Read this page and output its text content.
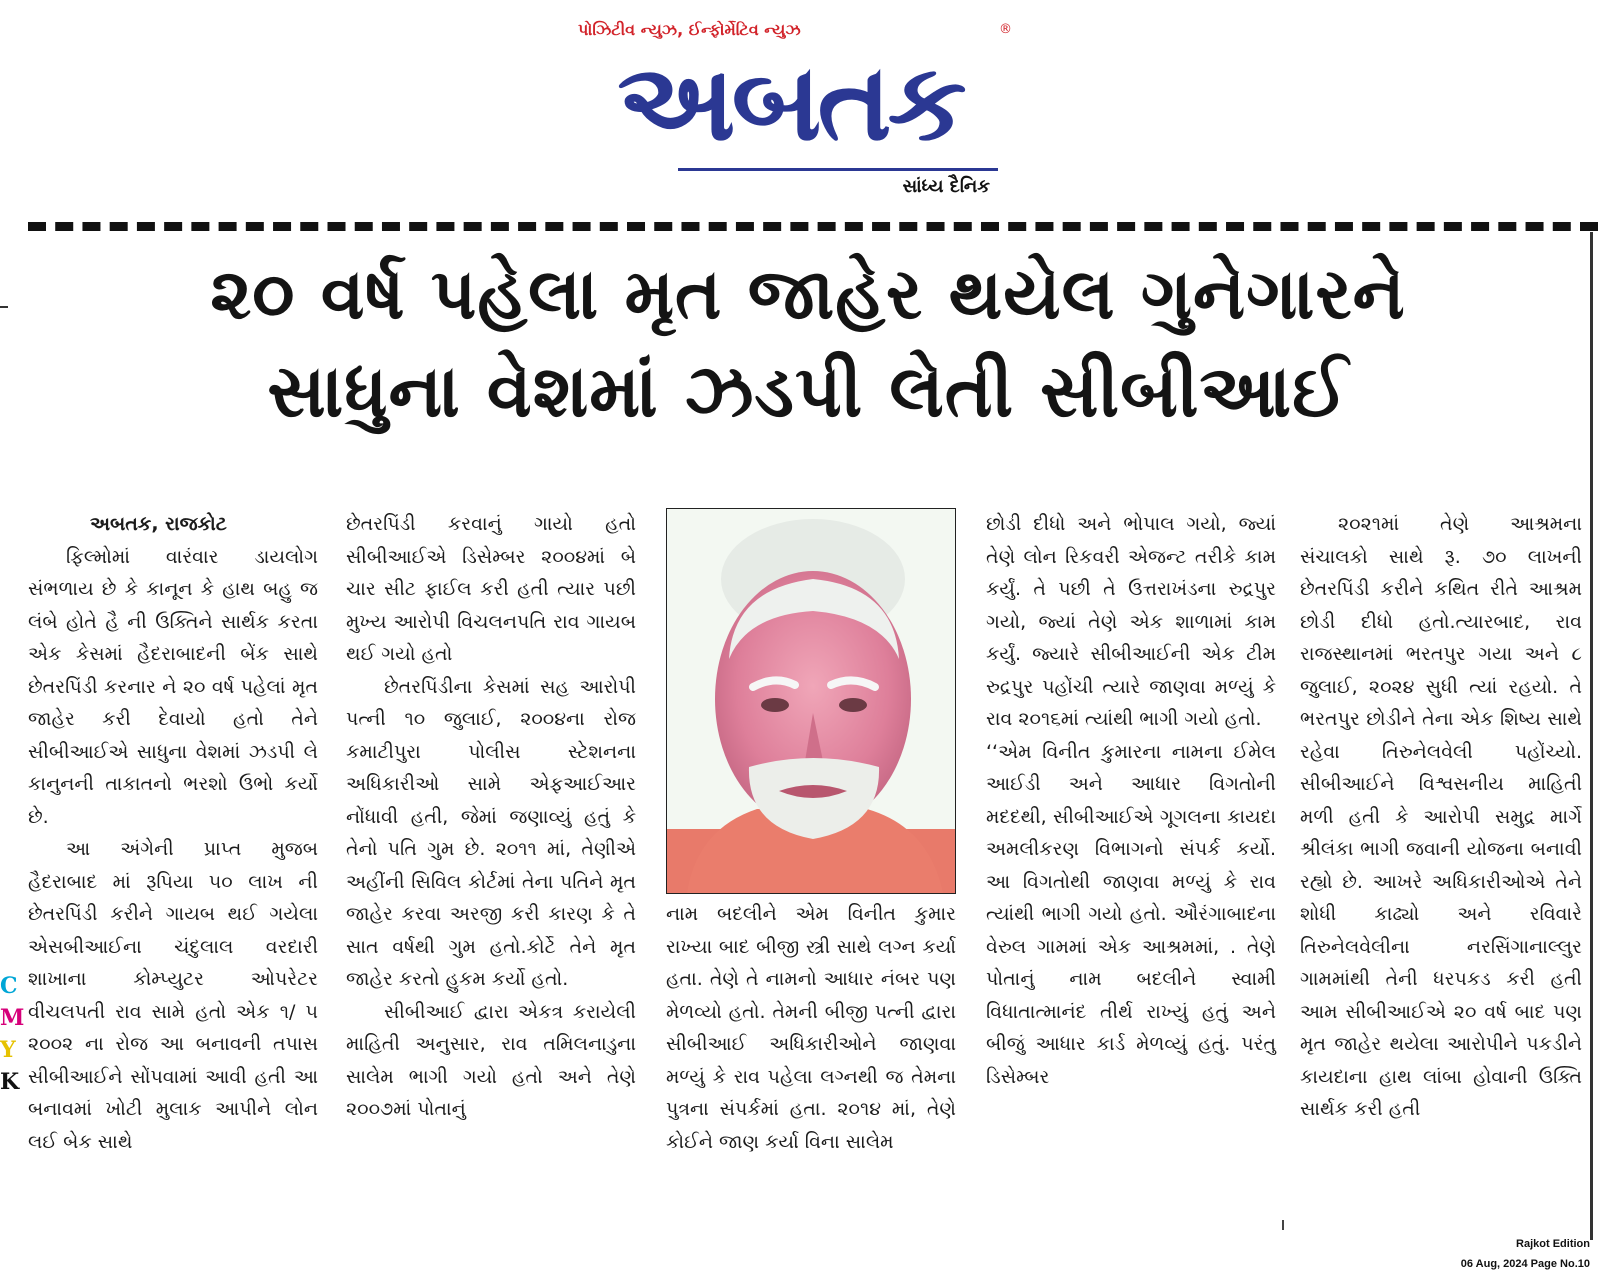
પોઝિટીવ ન્યુઝ, ઈન્ફોર્મેટિવ ન્યુઝ	®
અબતક
સાંધ્ય દૈનિક
૨૦ વર્ષ પહેલા મૃત જાહેર થયેલ ગુનેગારને
સાધુના વેશમાં ઝડપી લેતી સીબીઆઈ

અબતક, રાજકોટ

ફિલ્મોમાં વારંવાર ડાયલોગ સંભળાય છે કે કાનૂન કે હાથ બહુ જ લંબે હોતે હૈ ની ઉક્તિને સાર્થક કરતા એક કેસમાં હૈદરાબાદની બેંક સાથે છેતરપિંડી કરનાર ને ૨૦ વર્ષ પહેલાં મૃત જાહેર કરી દેવાયો હતો તેને સીબીઆઈએ સાધુના વેશમાં ઝડપી લે કાનુનની તાકાતનો ભરશો ઉભો કર્યો છે.

આ અંગેની પ્રાપ્ત મુજબ હૈદરાબાદ માં રૂપિયા ૫૦ લાખ ની છેતરપિંડી કરીને ગાયબ થઈ ગયેલા એસબીઆઈના ચંદુલાલ વરદારી શાખાના કોમ્પ્યુટર ઓપરેટર વીચલપતી રાવ સામે હતો એક ૧/ ૫ ૨૦૦૨ ના રોજ આ બનાવની તપાસ સીબીઆઈને સોંપવામાં આવી હતી આ બનાવમાં ખોટી મુલાક આપીને લોન લઈ બેક સાથે

છેતરપિંડી કરવાનું ગાયો હતો સીબીઆઈએ ડિસેમ્બર ૨૦૦૪માં બે ચાર સીટ ફાઈલ કરી હતી ત્યાર પછી મુખ્ય આરોપી વિચલનપતિ રાવ ગાયબ થઈ ગયો હતો

છેતરપિંડીના કેસમાં સહ આરોપી પત્ની ૧૦ જુલાઈ, ૨૦૦૪ના રોજ કમાટીપુરા પોલીસ સ્ટેશનના અધિકારીઓ સામે એફઆઈઆર નોંધાવી હતી, જેમાં જણાવ્યું હતું કે તેનો પતિ ગુમ છે. ૨૦૧૧ માં, તેણીએ અહીંની સિવિલ કોર્ટમાં તેના પતિને મૃત જાહેર કરવા અરજી કરી કારણ કે તે સાત વર્ષથી ગુમ હતો.કોર્ટે તેને મૃત જાહેર કરતો હુકમ કર્યો હતો.

સીબીઆઈ દ્વારા એકત્ર કરાયેલી માહિતી અનુસાર, રાવ તમિલનાડુના સાલેમ ભાગી ગયો હતો અને તેણે ૨૦૦૭માં પોતાનું

નામ બદલીને એમ વિનીત કુમાર રાખ્યા બાદ બીજી સ્ત્રી સાથે લગ્ન કર્યા હતા. તેણે તે નામનો આધાર નંબર પણ મેળવ્યો હતો. તેમની બીજી પત્ની દ્વારા સીબીઆઈ અધિકારીઓને જાણવા મળ્યું કે રાવ પહેલા લગ્નથી જ તેમના પુત્રના સંપર્કમાં હતા. ૨૦૧૪ માં, તેણે કોઈને જાણ કર્યા વિના સાલેમ

છોડી દીધો અને ભોપાલ ગયો, જ્યાં તેણે લોન રિકવરી એજન્ટ તરીકે કામ કર્યું. તે પછી તે ઉત્તરાખંડના રુદ્રપુર ગયો, જ્યાં તેણે એક શાળામાં કામ કર્યું. જ્યારે સીબીઆઈની એક ટીમ રુદ્રપુર પહોંચી ત્યારે જાણવા મળ્યું કે રાવ ૨૦૧૬માં ત્યાંથી ભાગી ગયો હતો.

‘‘એમ વિનીત કુમારના નામના ઈમેલ આઈડી અને આધાર વિગતોની મદદથી, સીબીઆઈએ ગૂગલના કાયદા અમલીકરણ વિભાગનો સંપર્ક કર્યો. આ વિગતોથી જાણવા મળ્યું કે રાવ ત્યાંથી ભાગી ગયો હતો. ઔરંગાબાદના વેરુલ ગામમાં એક આશ્રમમાં, . તેણે પોતાનું નામ બદલીને સ્વામી વિધાતાત્માનંદ તીર્થ રાખ્યું હતું અને બીજું આધાર કાર્ડ મેળવ્યું હતું. પરંતુ ડિસેમ્બર

૨૦૨૧માં તેણે આશ્રમના સંચાલકો સાથે રૂ. ૭૦ લાખની છેતરપિંડી કરીને કથિત રીતે આશ્રમ છોડી દીધો હતો.ત્યારબાદ, રાવ રાજસ્થાનમાં ભરતપુર ગયા અને ૮ જુલાઈ, ૨૦૨૪ સુધી ત્યાં રહયો. તે ભરતપુર છોડીને તેના એક શિષ્ય સાથે રહેવા તિરુનેલવેલી પહોંચ્યો. સીબીઆઈને વિશ્વસનીય માહિતી મળી હતી કે આરોપી સમુદ્ર માર્ગે શ્રીલંકા ભાગી જવાની યોજના બનાવી રહ્યો છે. આખરે અધિકારીઓએ તેને શોધી કાઢ્યો અને રવિવારે તિરુનેલવેલીના નરસિંગાનાલ્લુર ગામમાંથી તેની ધરપકડ કરી હતી આમ સીબીઆઈએ ૨૦ વર્ષ બાદ પણ મૃત જાહેર થયેલા આરોપીને પકડીને કાયદાના હાથ લાંબા હોવાની ઉક્તિ સાર્થક કરી હતી

C
M
Y
K
Rajkot Edition
06 Aug, 2024 Page No.10
